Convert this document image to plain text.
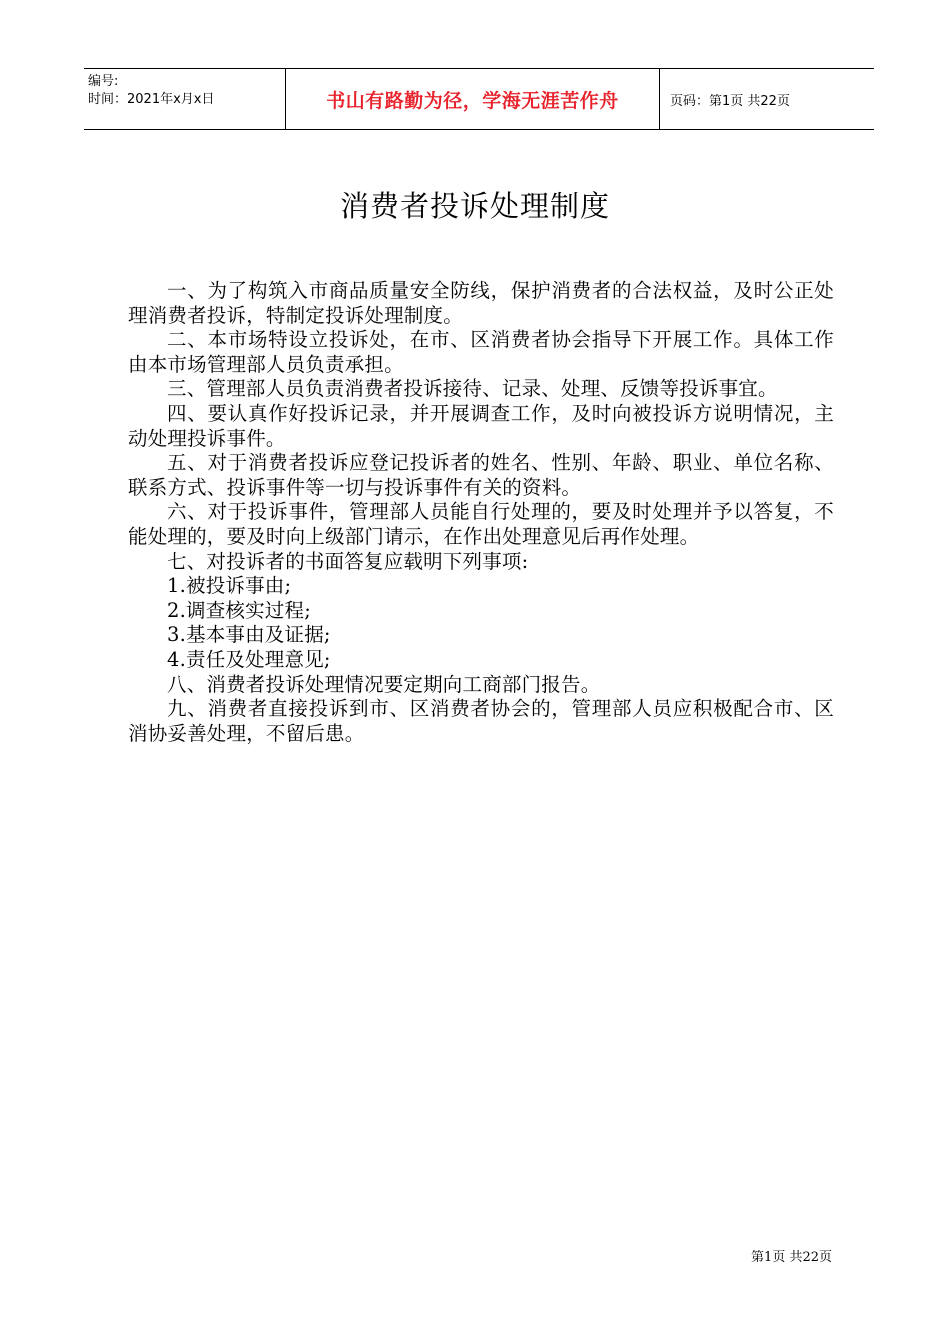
编号:
时间：2021年x月x日	书山有路勤为径，学海无涯苦作舟	页码：第1页 共22页
消费者投诉处理制度

一、为了构筑入市商品质量安全防线，保护消费者的合法权益，及时公正处理消费者投诉，特制定投诉处理制度。

二、本市场特设立投诉处，在市、区消费者协会指导下开展工作。具体工作由本市场管理部人员负责承担。

三、管理部人员负责消费者投诉接待、记录、处理、反馈等投诉事宜。

四、要认真作好投诉记录，并开展调查工作，及时向被投诉方说明情况，主动处理投诉事件。

五、对于消费者投诉应登记投诉者的姓名、性别、年龄、职业、单位名称、联系方式、投诉事件等一切与投诉事件有关的资料。

六、对于投诉事件，管理部人员能自行处理的，要及时处理并予以答复，不能处理的，要及时向上级部门请示，在作出处理意见后再作处理。

七、对投诉者的书面答复应载明下列事项:

1.被投诉事由;

2.调查核实过程;

3.基本事由及证据;

4.责任及处理意见;

八、消费者投诉处理情况要定期向工商部门报告。

九、消费者直接投诉到市、区消费者协会的，管理部人员应积极配合市、区消协妥善处理，不留后患。

第1页 共22页
